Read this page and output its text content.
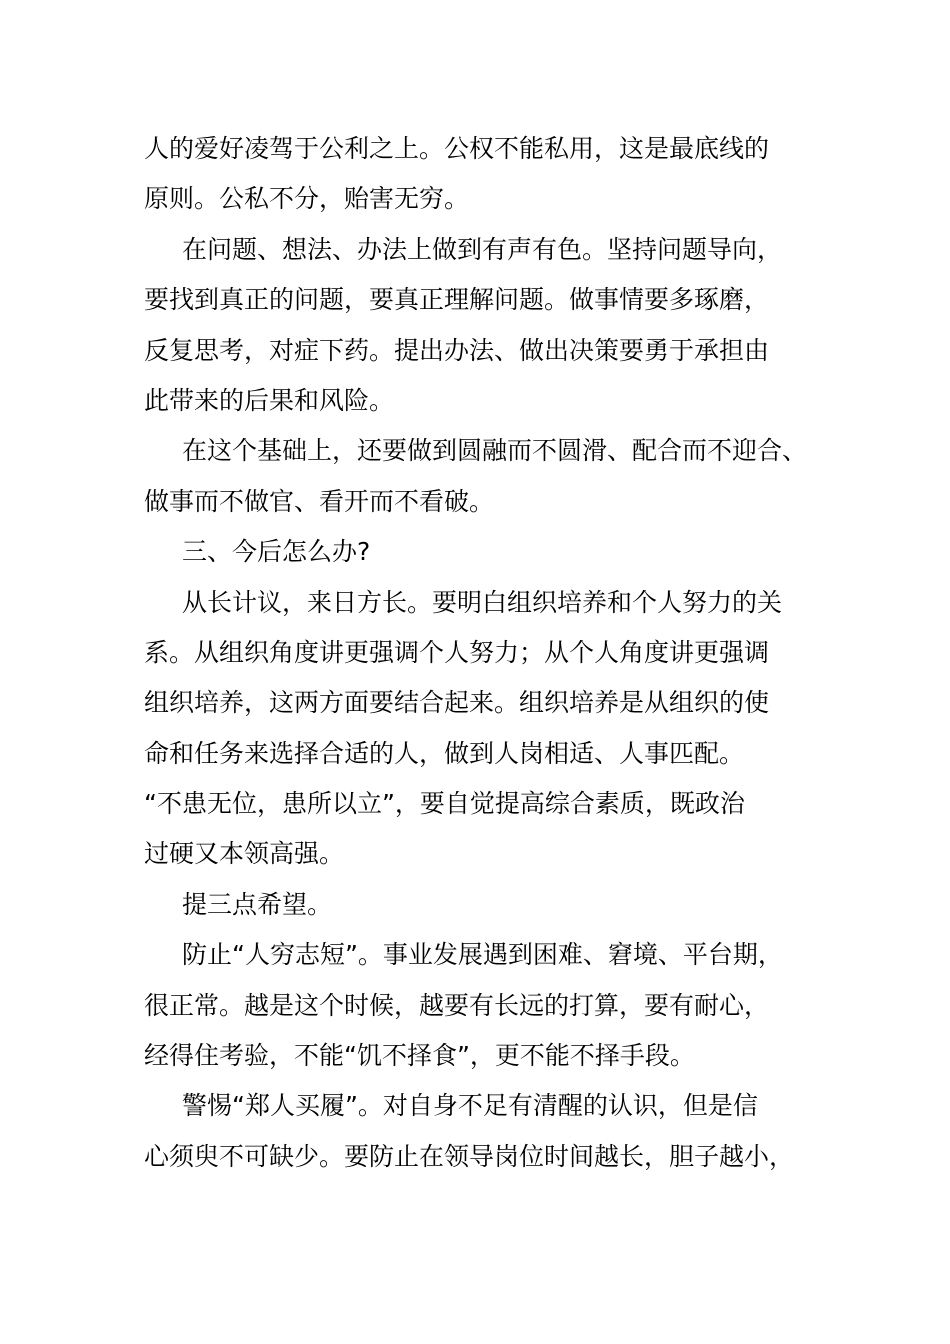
人的爱好凌驾于公利之上。公权不能私用，这是最底线的
原则。公私不分，贻害无穷。
在问题、想法、办法上做到有声有色。坚持问题导向，
要找到真正的问题，要真正理解问题。做事情要多琢磨，
反复思考，对症下药。提出办法、做出决策要勇于承担由
此带来的后果和风险。
在这个基础上，还要做到圆融而不圆滑、配合而不迎合、
做事而不做官、看开而不看破。
三、今后怎么办?
从长计议，来日方长。要明白组织培养和个人努力的关
系。从组织角度讲更强调个人努力；从个人角度讲更强调
组织培养，这两方面要结合起来。组织培养是从组织的使
命和任务来选择合适的人，做到人岗相适、人事匹配。
“不患无位，患所以立”，要自觉提高综合素质，既政治
过硬又本领高强。
提三点希望。
防止“人穷志短”。事业发展遇到困难、窘境、平台期，
很正常。越是这个时候，越要有长远的打算，要有耐心，
经得住考验，不能“饥不择食”，更不能不择手段。
警惕“郑人买履”。对自身不足有清醒的认识，但是信
心须臾不可缺少。要防止在领导岗位时间越长，胆子越小，
